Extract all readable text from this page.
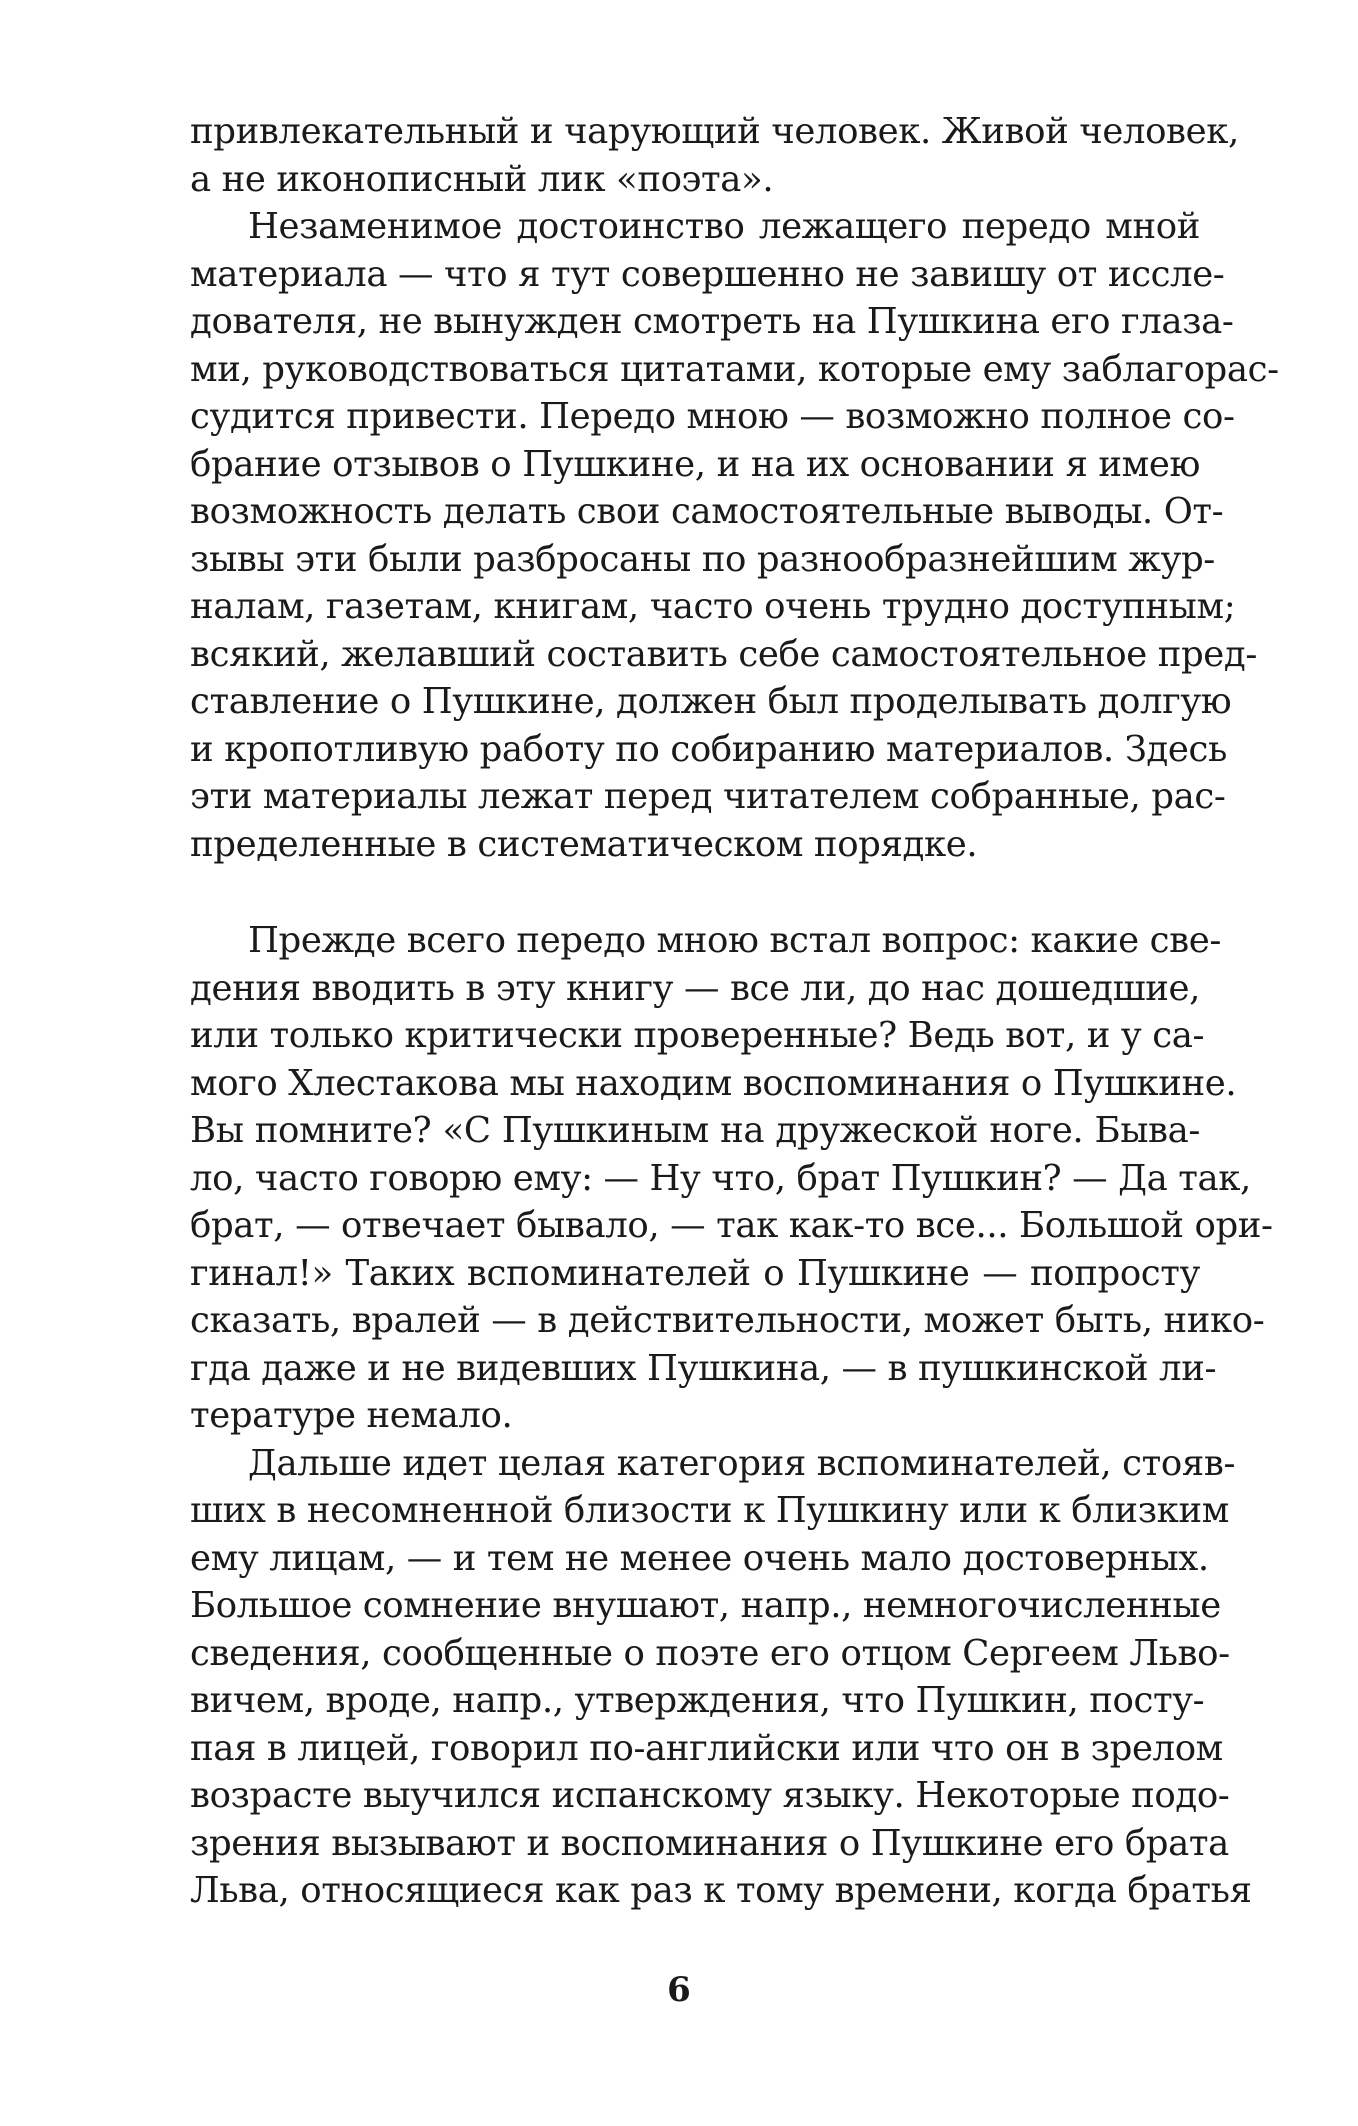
привлекательный и чарующий человек. Живой человек,
а не иконописный лик «поэта».
Незаменимое достоинство лежащего передо мной
материала — что я тут совершенно не завишу от иссле-
дователя, не вынужден смотреть на Пушкина его глаза-
ми, руководствоваться цитатами, которые ему заблагорас-
судится привести. Передо мною — возможно полное со-
брание отзывов о Пушкине, и на их основании я имею
возможность делать свои самостоятельные выводы. От-
зывы эти были разбросаны по разнообразнейшим жур-
налам, газетам, книгам, часто очень трудно доступным;
всякий, желавший составить себе самостоятельное пред-
ставление о Пушкине, должен был проделывать долгую
и кропотливую работу по собиранию материалов. Здесь
эти материалы лежат перед читателем собранные, рас-
пределенные в систематическом порядке.
Прежде всего передо мною встал вопрос: какие све-
дения вводить в эту книгу — все ли, до нас дошедшие,
или только критически проверенные? Ведь вот, и у са-
мого Хлестакова мы находим воспоминания о Пушкине.
Вы помните? «С Пушкиным на дружеской ноге. Быва-
ло, часто говорю ему: — Ну что, брат Пушкин? — Да так,
брат, — отвечает бывало, — так как-то все... Большой ори-
гинал!» Таких вспоминателей о Пушкине — попросту
сказать, вралей — в действительности, может быть, нико-
гда даже и не видевших Пушкина, — в пушкинской ли-
тературе немало.
Дальше идет целая категория вспоминателей, стояв-
ших в несомненной близости к Пушкину или к близким
ему лицам, — и тем не менее очень мало достоверных.
Большое сомнение внушают, напр., немногочисленные
сведения, сообщенные о поэте его отцом Сергеем Льво-
вичем, вроде, напр., утверждения, что Пушкин, посту-
пая в лицей, говорил по-английски или что он в зрелом
возрасте выучился испанскому языку. Некоторые подо-
зрения вызывают и воспоминания о Пушкине его брата
Льва, относящиеся как раз к тому времени, когда братья
6
